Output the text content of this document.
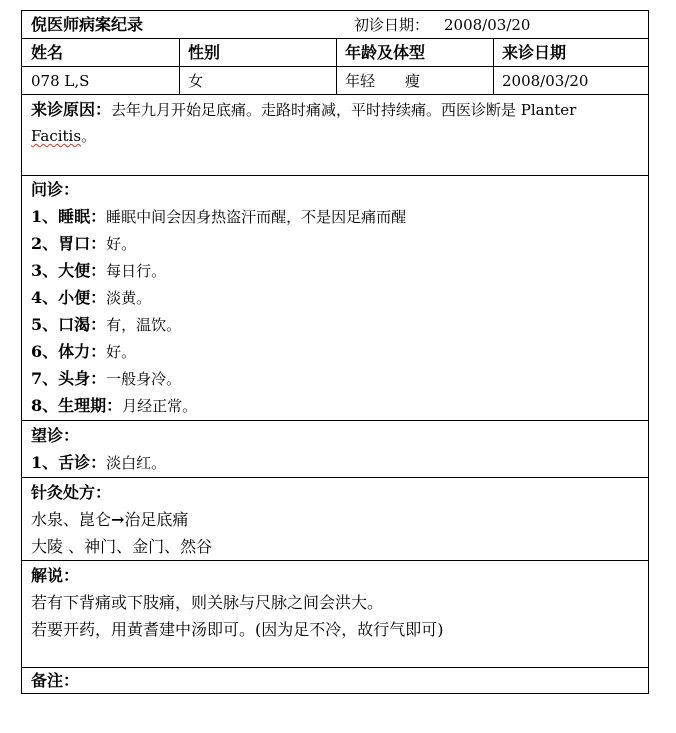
倪医师病案纪录	初诊日期： 2008/03/20
姓名	性别	年龄及体型	来诊日期
078 L,S	女	年轻　　瘦	2008/03/20
来诊原因：去年九月开始足底痛。走路时痛减，平时持续痛。西医诊断是 Planter
Facitis。
问诊：
1、睡眠：睡眠中间会因身热盗汗而醒，不是因足痛而醒
2、胃口：好。
3、大便：每日行。
4、小便：淡黄。
5、口渴：有，温饮。
6、体力：好。
7、头身：一般身冷。
8、生理期：月经正常。
望诊：
1、舌诊：淡白红。
针灸处方：
水泉、崑仑→治足底痛
大陵 、神门、金门、然谷
解说：
若有下背痛或下肢痛，则关脉与尺脉之间会洪大。
若要开药，用黄耆建中汤即可。(因为足不冷，故行气即可)
备注：
